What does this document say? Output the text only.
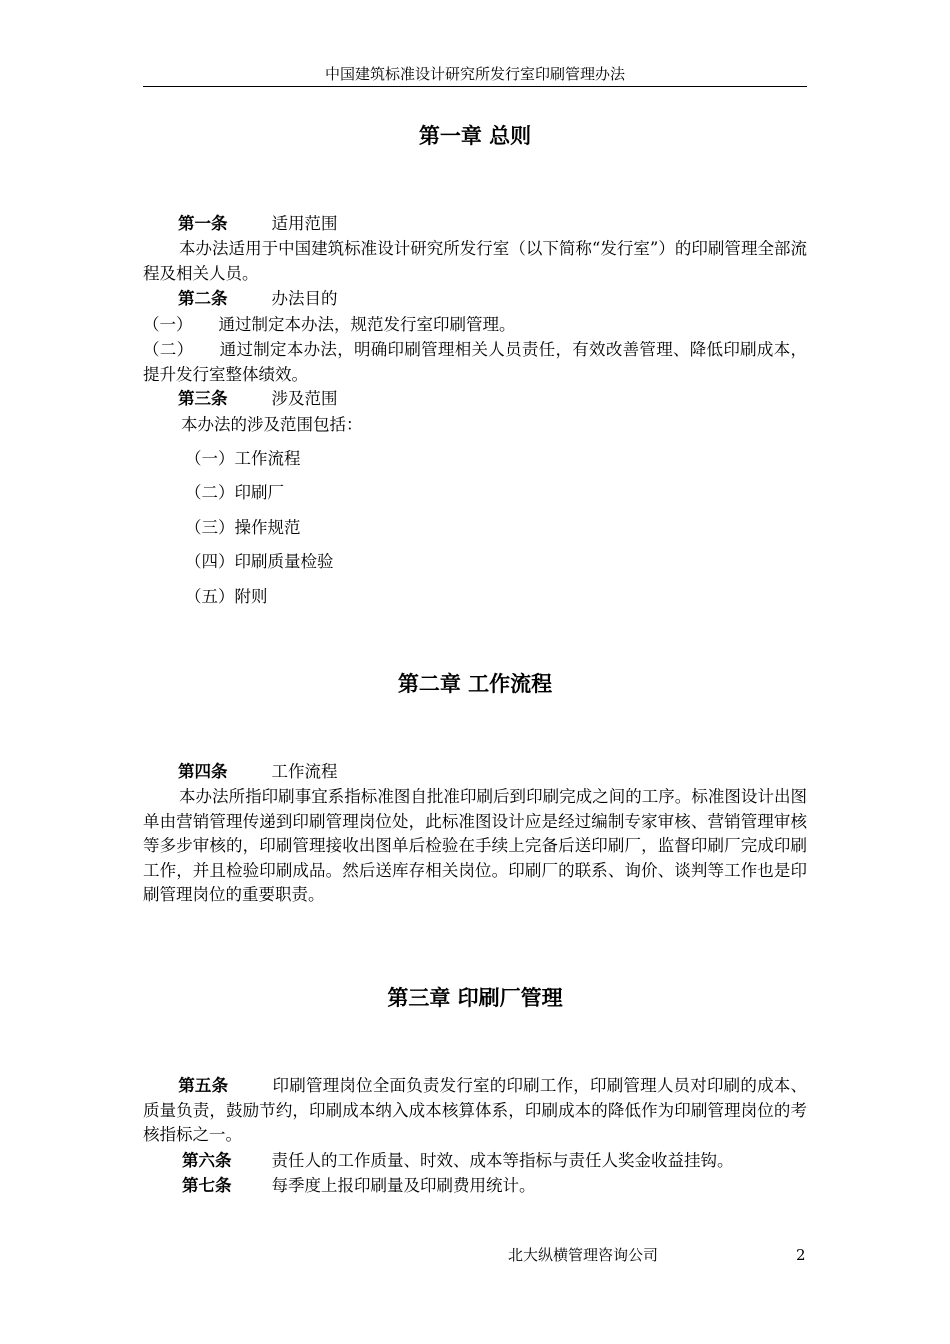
中国建筑标准设计研究所发行室印刷管理办法
第一章 总则
第一条	适用范围
本办法适用于中国建筑标准设计研究所发行室（以下简称“发行室”）的印刷管理全部流程及相关人员。
第二条	办法目的
（一） 通过制定本办法，规范发行室印刷管理。
（二） 通过制定本办法，明确印刷管理相关人员责任，有效改善管理、降低印刷成本，提升发行室整体绩效。
第三条	涉及范围
本办法的涉及范围包括：
（一）工作流程
（二）印刷厂
（三）操作规范
（四）印刷质量检验
（五）附则
第二章 工作流程
第四条	工作流程
本办法所指印刷事宜系指标准图自批准印刷后到印刷完成之间的工序。标准图设计出图单由营销管理传递到印刷管理岗位处，此标准图设计应是经过编制专家审核、营销管理审核等多步审核的，印刷管理接收出图单后检验在手续上完备后送印刷厂，监督印刷厂完成印刷工作，并且检验印刷成品。然后送库存相关岗位。印刷厂的联系、询价、谈判等工作也是印刷管理岗位的重要职责。
第三章 印刷厂管理
第五条	印刷管理岗位全面负责发行室的印刷工作，印刷管理人员对印刷的成本、质量负责，鼓励节约，印刷成本纳入成本核算体系，印刷成本的降低作为印刷管理岗位的考核指标之一。
第六条 责任人的工作质量、时效、成本等指标与责任人奖金收益挂钩。
第七条 每季度上报印刷量及印刷费用统计。
北大纵横管理咨询公司	2
